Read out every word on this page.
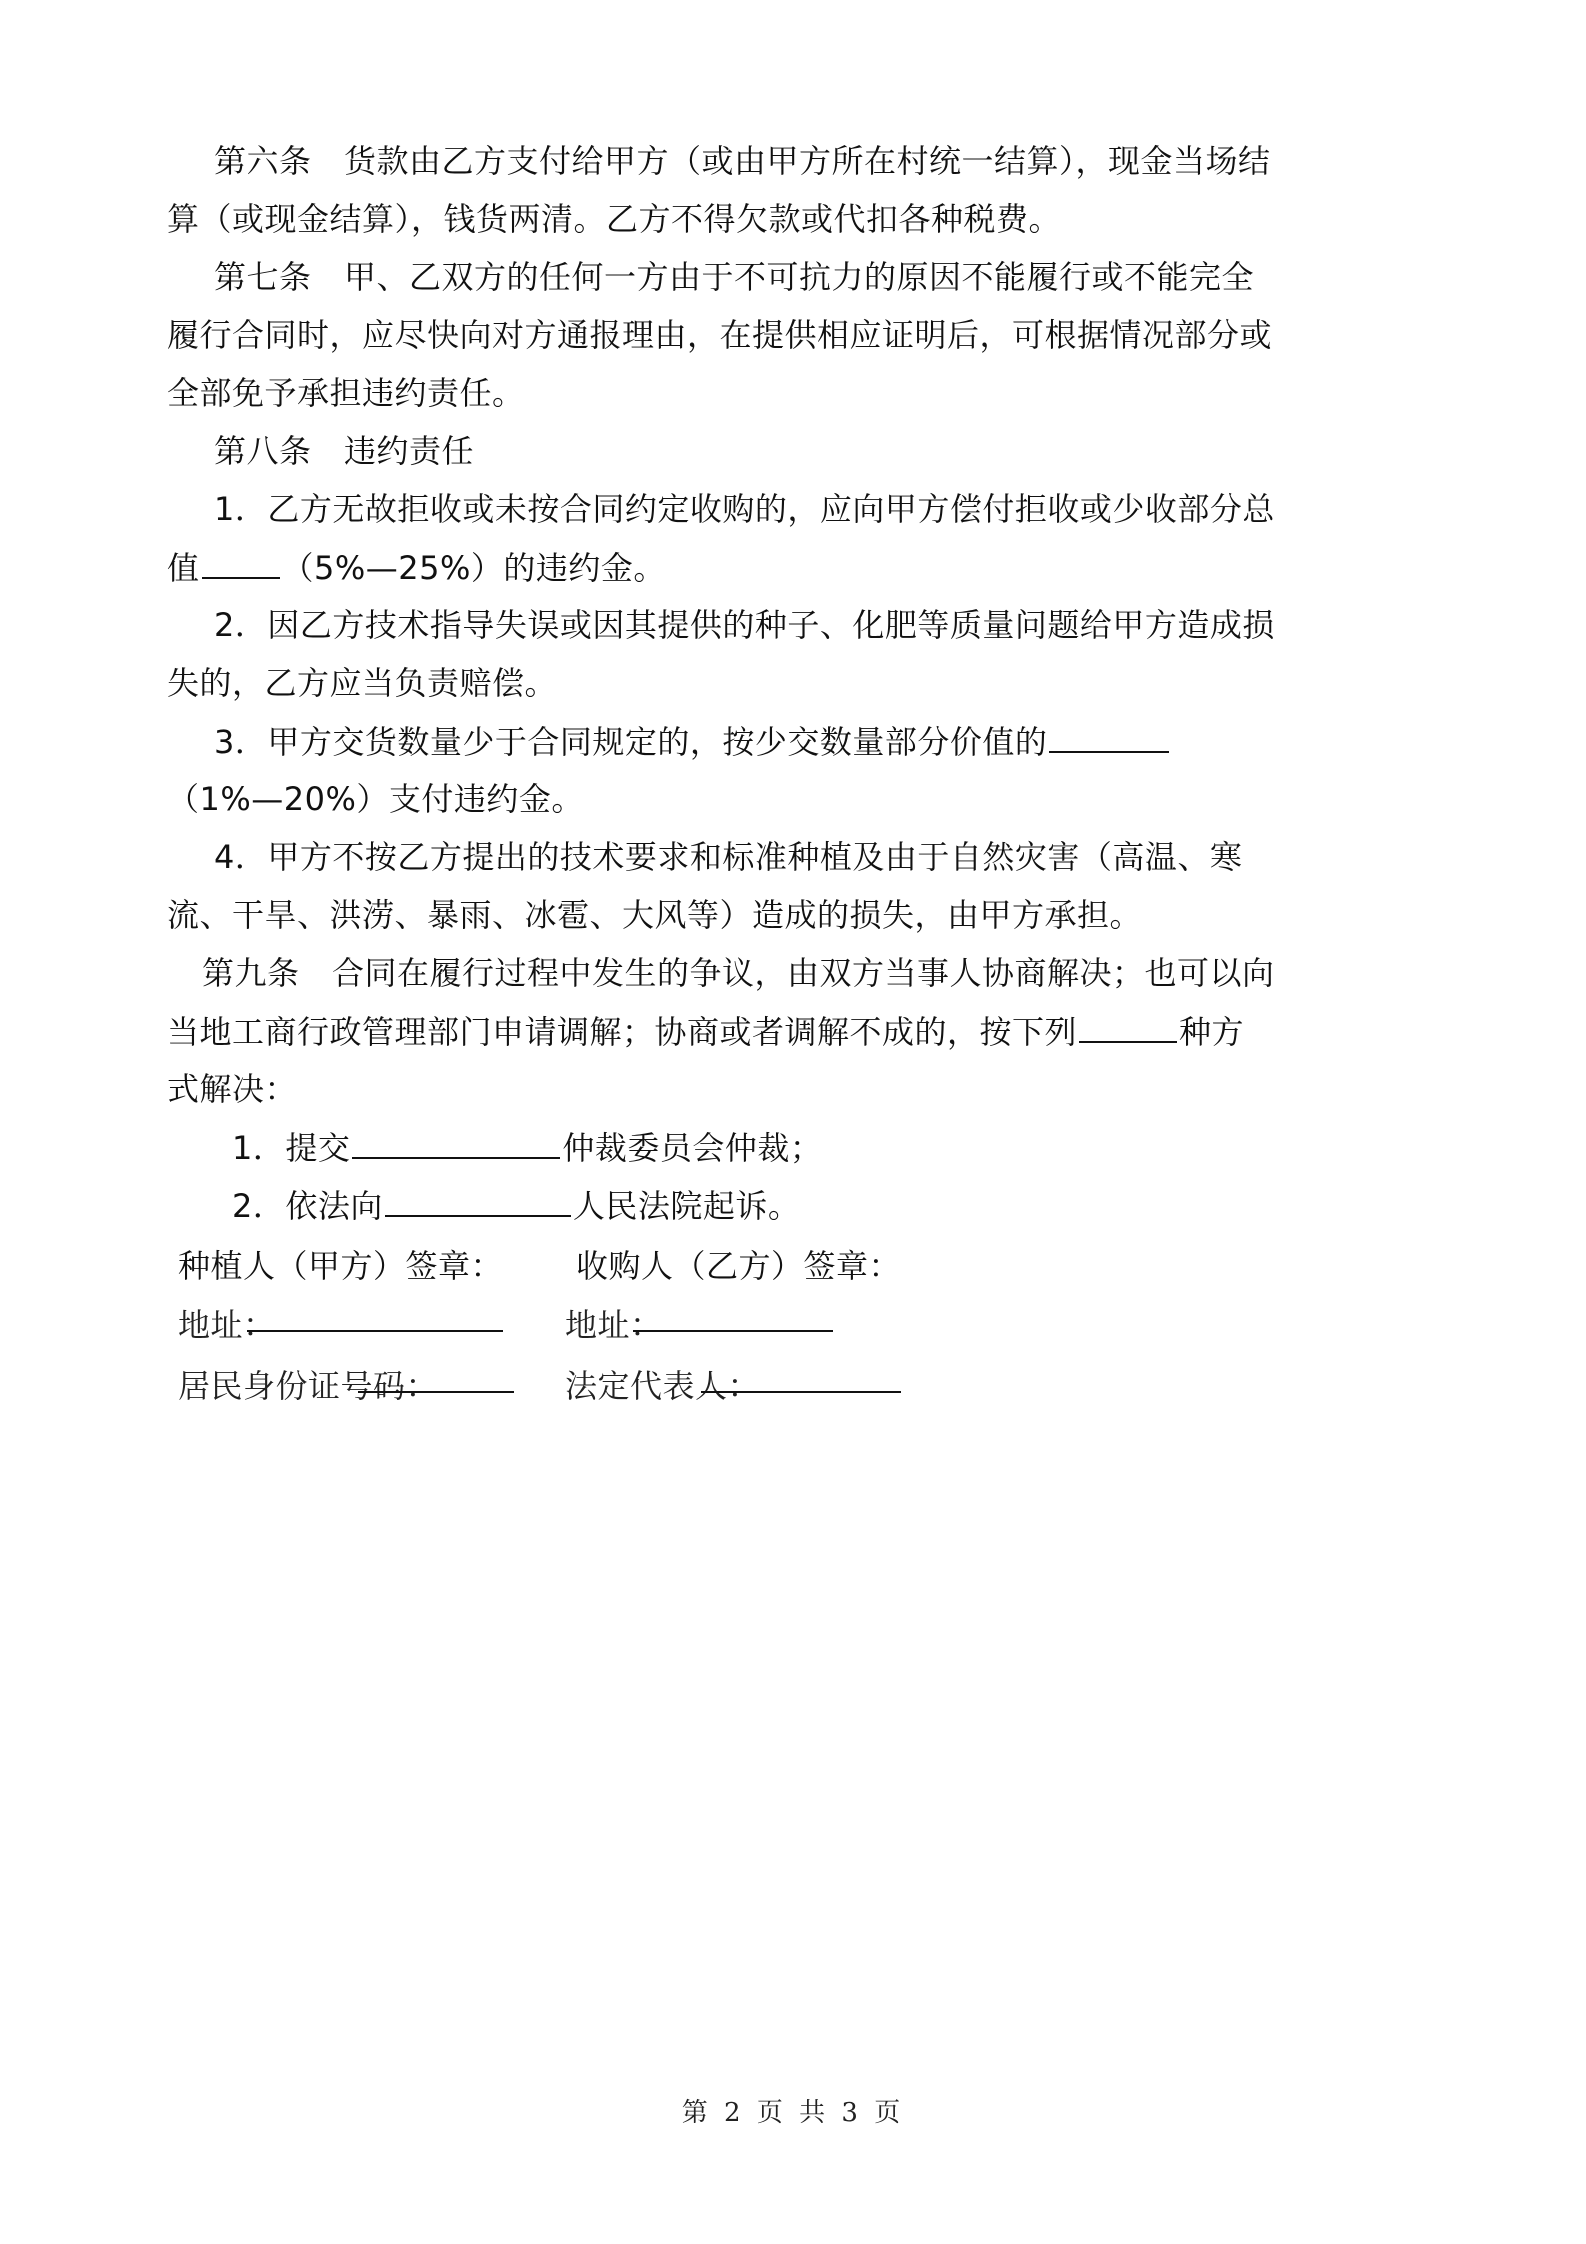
第六条　货款由乙方支付给甲方（或由甲方所在村统一结算），现金当场结
算（或现金结算），钱货两清。乙方不得欠款或代扣各种税费。
第七条　甲、乙双方的任何一方由于不可抗力的原因不能履行或不能完全
履行合同时，应尽快向对方通报理由，在提供相应证明后，可根据情况部分或
全部免予承担违约责任。
第八条　违约责任
1．乙方无故拒收或未按合同约定收购的，应向甲方偿付拒收或少收部分总
值	（5%—25%）的违约金。
2．因乙方技术指导失误或因其提供的种子、化肥等质量问题给甲方造成损
失的，乙方应当负责赔偿。
3．甲方交货数量少于合同规定的，按少交数量部分价值的
（1%—20%）支付违约金。
4．甲方不按乙方提出的技术要求和标准种植及由于自然灾害（高温、寒
流、干旱、洪涝、暴雨、冰雹、大风等）造成的损失，由甲方承担。
第九条　合同在履行过程中发生的争议，由双方当事人协商解决；也可以向
当地工商行政管理部门申请调解；协商或者调解不成的，按下列	种方
式解决：
1．提交	仲裁委员会仲裁；
2．依法向	人民法院起诉。
种植人（甲方）签章： 收购人（乙方）签章：
地址：	地址：
居民身份证号码：	法定代表人：
第 2 页 共 3 页
